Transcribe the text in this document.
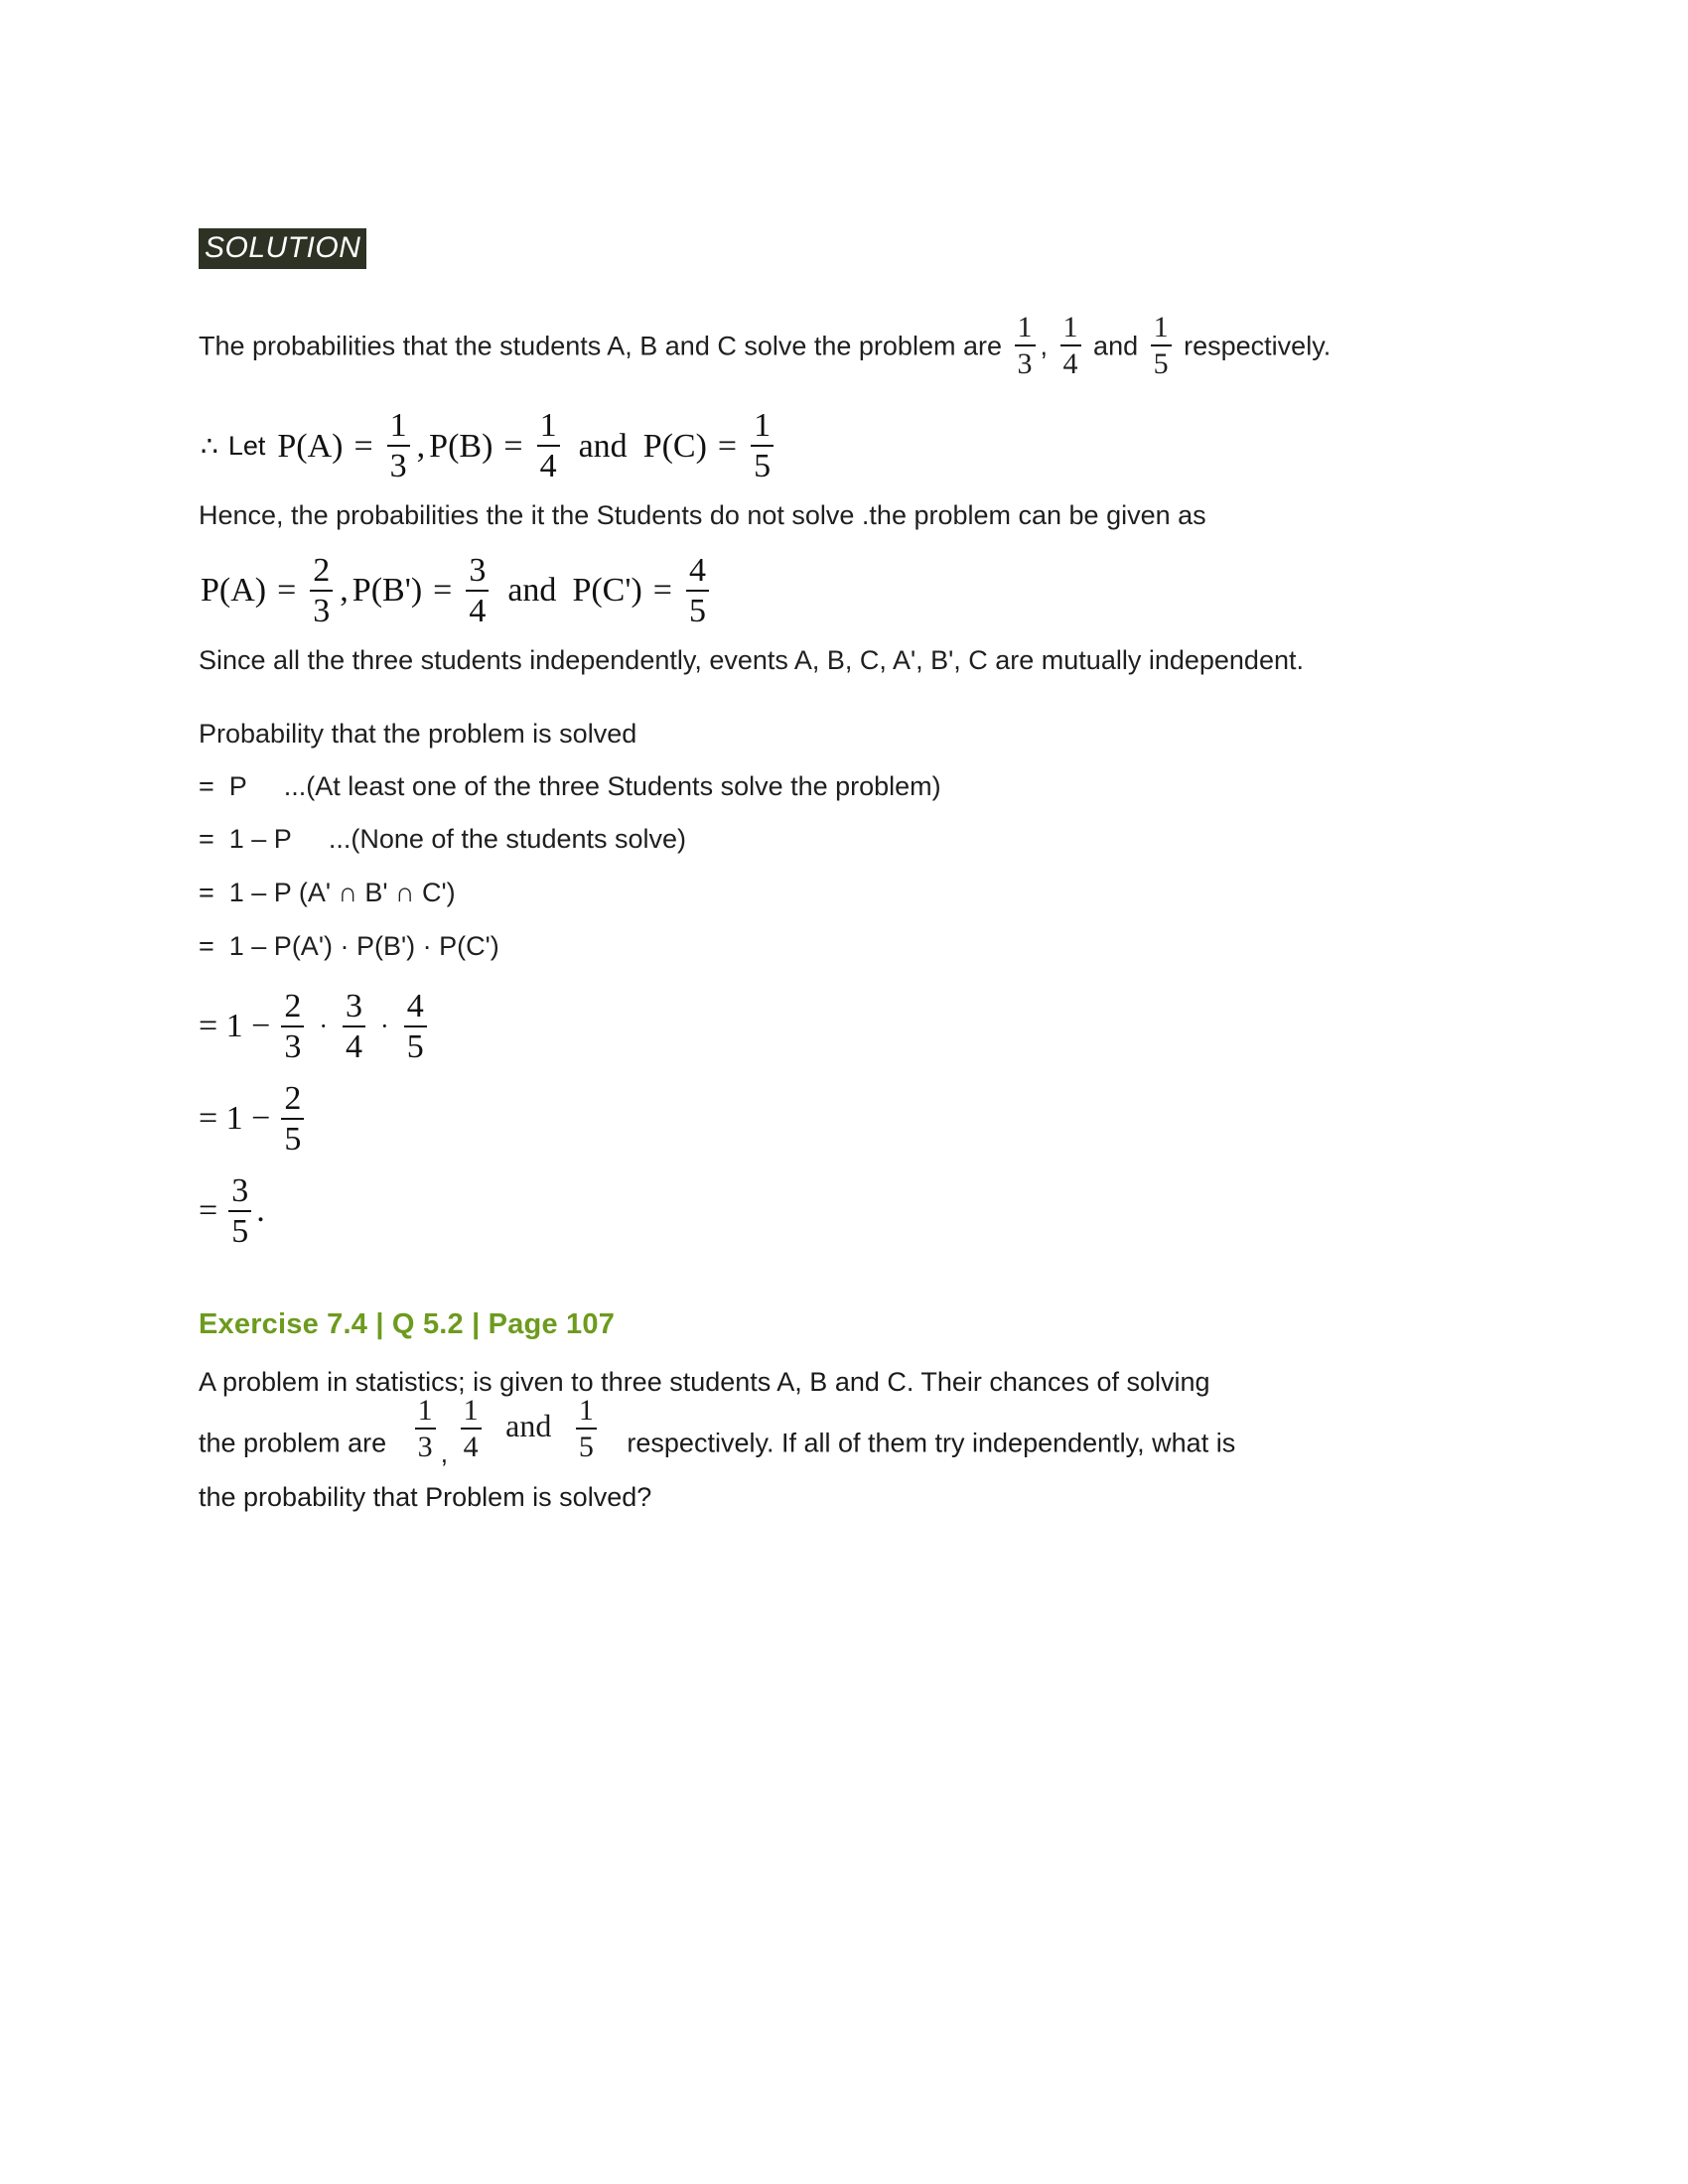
SOLUTION
The probabilities that the students A, B and C solve the problem are $\frac{1}{3}$ , $\frac{1}{4}$ and $\frac{1}{5}$ respectively.
∴ Let $P(A) = \frac{1}{3}$ , $P(B) = \frac{1}{4}$ and $P(C) = \frac{1}{5}$
Hence, the probabilities the it the Students do not solve .the problem can be given as
$P(A) = \frac{2}{3}$ , $P(B') = \frac{3}{4}$ and $P(C') = \frac{4}{5}$
Since all the three students independently, events A, B, C, A', B', C are mutually independent.
Probability that the problem is solved
=  P     ...(At least one of the three Students solve the problem)
=  1 – P     ...(None of the students solve)
=  1 – P (A' ∩ B' ∩ C')
=  1 – P(A') · P(B') · P(C')
= $1 - \frac{2}{3} \cdot \frac{3}{4} \cdot \frac{4}{5}$
= $1 - \frac{2}{5}$
= $\frac{3}{5}$ .
Exercise 7.4 | Q 5.2 | Page 107
A problem in statistics; is given to three students A, B and C. Their chances of solving
the problem are $\frac{1}{3}$ , $\frac{1}{4}$ and $\frac{1}{5}$ respectively. If all of them try independently, what is
the probability that Problem is solved?
